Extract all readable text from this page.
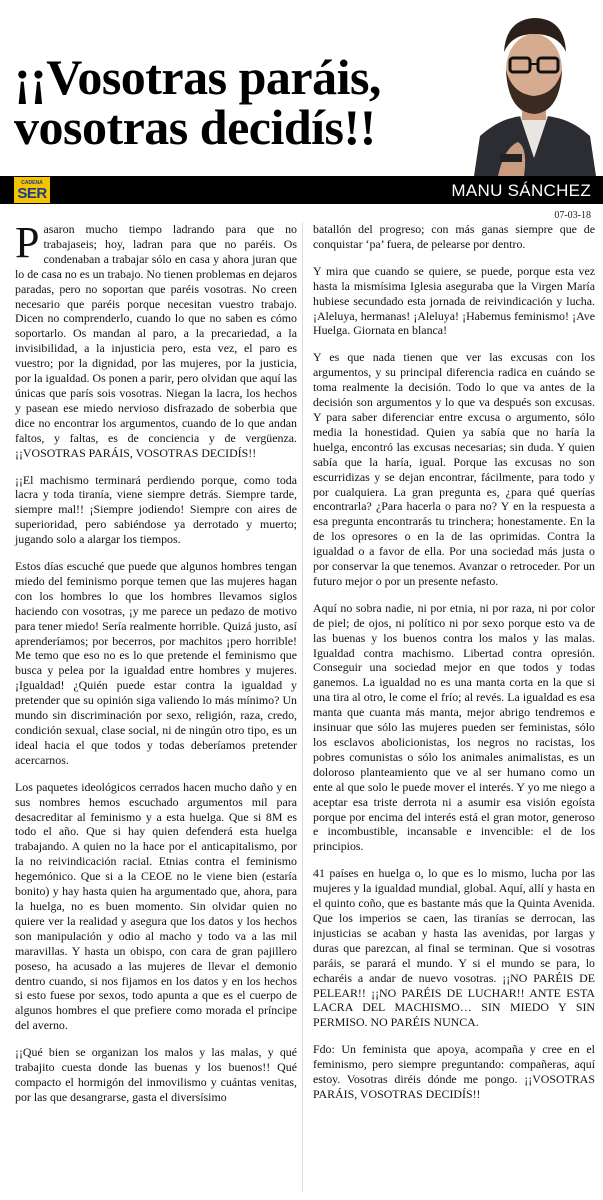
¡¡Vosotras paráis, vosotras decidís!!
CADENA
SER	MANU SÁNCHEZ
07-03-18

Pasaron mucho tiempo ladrando para que no trabajaseis; hoy, ladran para que no paréis. Os condenaban a trabajar sólo en casa y ahora juran que lo de casa no es un trabajo. No tienen problemas en dejaros paradas, pero no soportan que paréis vosotras. No creen necesario que paréis porque necesitan vuestro trabajo. Dicen no comprenderlo, cuando lo que no saben es cómo soportarlo. Os mandan al paro, a la precariedad, a la invisibilidad, a la injusticia pero, esta vez, el paro es vuestro; por la dignidad, por las mujeres, por la justicia, por la igualdad. Os ponen a parir, pero olvidan que aquí las únicas que parís sois vosotras. Niegan la lacra, los hechos y pasean ese miedo nervioso disfrazado de soberbia que dice no encontrar los argumentos, cuando de lo que andan faltos, y faltas, es de conciencia y de vergüenza. ¡¡VOSOTRAS PARÁIS, VOSOTRAS DECIDÍS!!

¡¡El machismo terminará perdiendo porque, como toda lacra y toda tiranía, viene siempre detrás. Siempre tarde, siempre mal!! ¡Siempre jodiendo! Siempre con aires de superioridad, pero sabiéndose ya derrotado y muerto; jugando solo a alargar los tiempos.

Estos días escuché que puede que algunos hombres tengan miedo del feminismo porque temen que las mujeres hagan con los hombres lo que los hombres llevamos siglos haciendo con vosotras, ¡y me parece un pedazo de motivo para tener miedo! Sería realmente horrible. Quizá justo, así aprenderíamos; por becerros, por machitos ¡pero horrible! Me temo que eso no es lo que pretende el feminismo que busca y pelea por la igualdad entre hombres y mujeres. ¡Igualdad! ¿Quién puede estar contra la igualdad y pretender que su opinión siga valiendo lo más mínimo? Un mundo sin discriminación por sexo, religión, raza, credo, condición sexual, clase social, ni de ningún otro tipo, es un ideal hacia el que todos y todas deberíamos pretender acercarnos.

Los paquetes ideológicos cerrados hacen mucho daño y en sus nombres hemos escuchado argumentos mil para desacreditar al feminismo y a esta huelga. Que si 8M es todo el año. Que si hay quien defenderá esta huelga trabajando. A quien no la hace por el anticapitalismo, por la no reivindicación racial. Etnias contra el feminismo hegemónico. Que si a la CEOE no le viene bien (estaría bonito) y hay hasta quien ha argumentado que, ahora, para la huelga, no es buen momento. Sin olvidar quien no quiere ver la realidad y asegura que los datos y los hechos son manipulación y odio al macho y todo va a las mil maravillas. Y hasta un obispo, con cara de gran pajillero poseso, ha acusado a las mujeres de llevar el demonio dentro cuando, si nos fijamos en los datos y en los hechos si esto fuese por sexos, todo apunta a que es el cuerpo de algunos hombres el que prefiere como morada el príncipe del averno.

¡¡Qué bien se organizan los malos y las malas, y qué trabajito cuesta donde las buenas y los buenos!! Qué compacto el hormigón del inmovilismo y cuántas venitas, por las que desangrarse, gasta el diversísimo

batallón del progreso; con más ganas siempre que de conquistar ‘pa’ fuera, de pelearse por dentro.

Y mira que cuando se quiere, se puede, porque esta vez hasta la mismísima Iglesia aseguraba que la Virgen María hubiese secundado esta jornada de reivindicación y lucha. ¡Aleluya, hermanas! ¡Aleluya! ¡Habemus feminismo! ¡Ave Huelga. Giornata en blanca!

Y es que nada tienen que ver las excusas con los argumentos, y su principal diferencia radica en cuándo se toma realmente la decisión. Todo lo que va antes de la decisión son argumentos y lo que va después son excusas. Y para saber diferenciar entre excusa o argumento, sólo media la honestidad. Quien ya sabía que no haría la huelga, encontró las excusas necesarias; sin duda. Y quien sabía que la haría, igual. Porque las excusas no son escurridizas y se dejan encontrar, fácilmente, para todo y por cualquiera. La gran pregunta es, ¿para qué querías encontrarla? ¿Para hacerla o para no? Y en la respuesta a esa pregunta encontrarás tu trinchera; honestamente. En la de los opresores o en la de las oprimidas. Contra la igualdad o a favor de ella. Por una sociedad más justa o por conservar la que tenemos. Avanzar o retroceder. Por un futuro mejor o por un presente nefasto.

Aquí no sobra nadie, ni por etnia, ni por raza, ni por color de piel; de ojos, ni político ni por sexo porque esto va de las buenas y los buenos contra los malos y las malas. Igualdad contra machismo. Libertad contra opresión. Conseguir una sociedad mejor en que todos y todas ganemos. La igualdad no es una manta corta en la que si una tira al otro, le come el frío; al revés. La igualdad es esa manta que cuanta más manta, mejor abrigo tendremos e insinuar que sólo las mujeres pueden ser feministas, sólo los esclavos abolicionistas, los negros no racistas, los pobres comunistas o sólo los animales animalistas, es un doloroso planteamiento que ve al ser humano como un ente al que solo le puede mover el interés. Y yo me niego a aceptar esa triste derrota ni a asumir esa visión egoísta porque por encima del interés está el gran motor, generoso e incombustible, incansable e invencible: el de los principios.

41 países en huelga o, lo que es lo mismo, lucha por las mujeres y la igualdad mundial, global. Aquí, allí y hasta en el quinto coño, que es bastante más que la Quinta Avenida. Que los imperios se caen, las tiranías se derrocan, las injusticias se acaban y hasta las avenidas, por largas y duras que parezcan, al final se terminan. Que si vosotras paráis, se parará el mundo. Y si el mundo se para, lo echaréis a andar de nuevo vosotras. ¡¡NO PARÉIS DE PELEAR!! ¡¡NO PARÉIS DE LUCHAR!! ANTE ESTA LACRA DEL MACHISMO… SIN MIEDO Y SIN PERMISO. NO PARÉIS NUNCA.

Fdo: Un feminista que apoya, acompaña y cree en el feminismo, pero siempre preguntando: compañeras, aquí estoy. Vosotras diréis dónde me pongo. ¡¡VOSOTRAS PARÁIS, VOSOTRAS DECIDÍS!!
